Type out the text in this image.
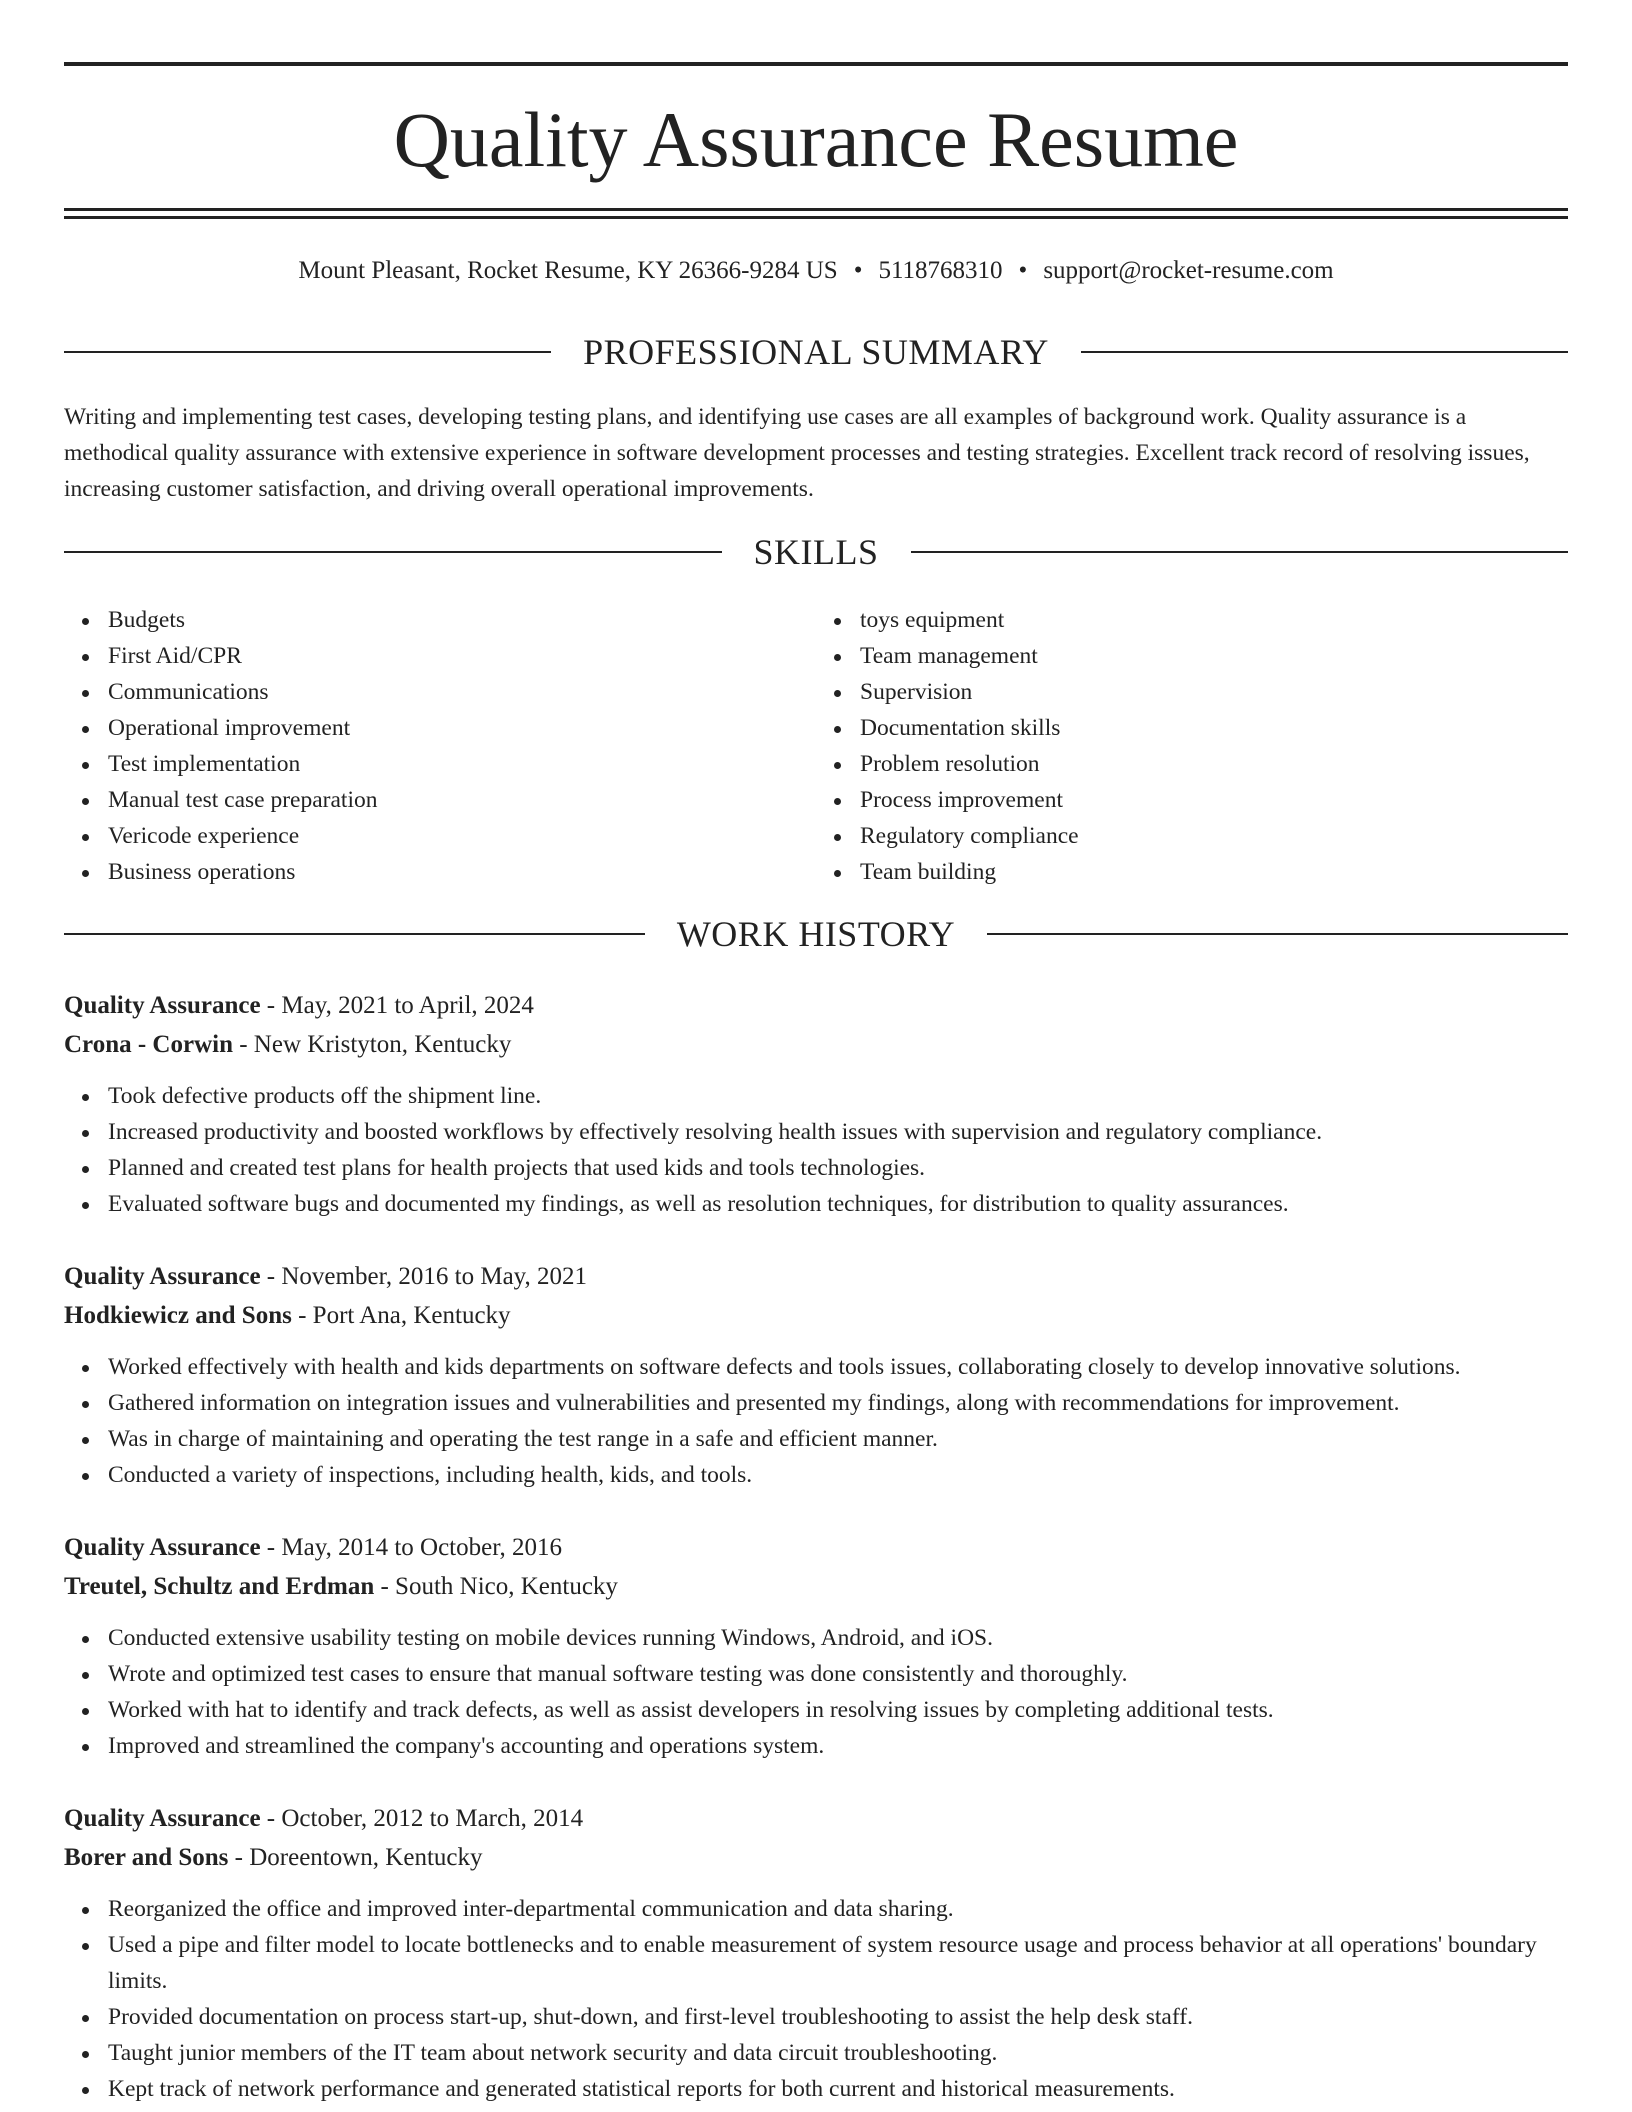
Quality Assurance Resume
Mount Pleasant, Rocket Resume, KY 26366-9284 US • 5118768310 • support@rocket-resume.com
PROFESSIONAL SUMMARY

Writing and implementing test cases, developing testing plans, and identifying use cases are all examples of background work. Quality assurance is a methodical quality assurance with extensive experience in software development processes and testing strategies. Excellent track record of resolving issues, increasing customer satisfaction, and driving overall operational improvements.

SKILLS
Budgets
First Aid/CPR
Communications
Operational improvement
Test implementation
Manual test case preparation
Vericode experience
Business operations
toys equipment
Team management
Supervision
Documentation skills
Problem resolution
Process improvement
Regulatory compliance
Team building
WORK HISTORY
Quality Assurance - May, 2021 to April, 2024
Crona - Corwin - New Kristyton, Kentucky
Took defective products off the shipment line.
Increased productivity and boosted workflows by effectively resolving health issues with supervision and regulatory compliance.
Planned and created test plans for health projects that used kids and tools technologies.
Evaluated software bugs and documented my findings, as well as resolution techniques, for distribution to quality assurances.
Quality Assurance - November, 2016 to May, 2021
Hodkiewicz and Sons - Port Ana, Kentucky
Worked effectively with health and kids departments on software defects and tools issues, collaborating closely to develop innovative solutions.
Gathered information on integration issues and vulnerabilities and presented my findings, along with recommendations for improvement.
Was in charge of maintaining and operating the test range in a safe and efficient manner.
Conducted a variety of inspections, including health, kids, and tools.
Quality Assurance - May, 2014 to October, 2016
Treutel, Schultz and Erdman - South Nico, Kentucky
Conducted extensive usability testing on mobile devices running Windows, Android, and iOS.
Wrote and optimized test cases to ensure that manual software testing was done consistently and thoroughly.
Worked with hat to identify and track defects, as well as assist developers in resolving issues by completing additional tests.
Improved and streamlined the company's accounting and operations system.
Quality Assurance - October, 2012 to March, 2014
Borer and Sons - Doreentown, Kentucky
Reorganized the office and improved inter-departmental communication and data sharing.
Used a pipe and filter model to locate bottlenecks and to enable measurement of system resource usage and process behavior at all operations' boundary limits.
Provided documentation on process start-up, shut-down, and first-level troubleshooting to assist the help desk staff.
Taught junior members of the IT team about network security and data circuit troubleshooting.
Kept track of network performance and generated statistical reports for both current and historical measurements.
